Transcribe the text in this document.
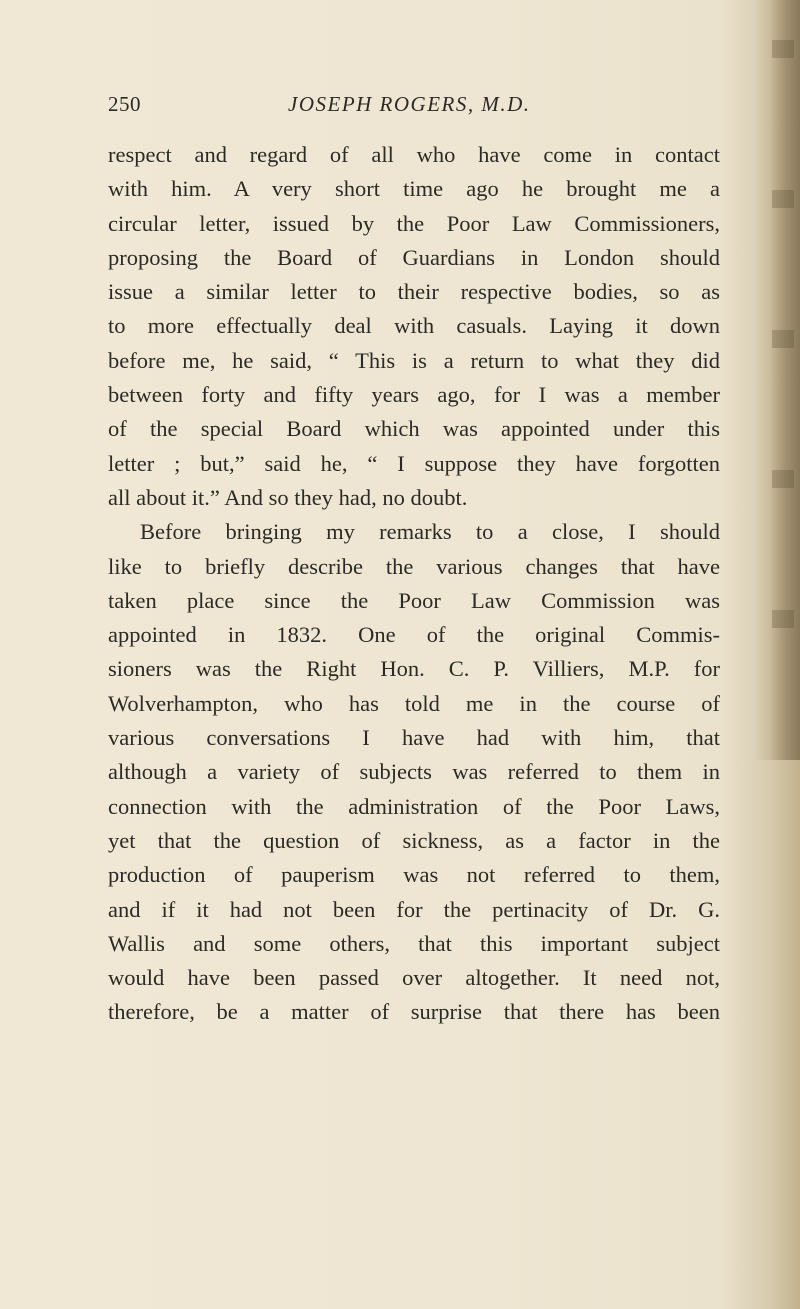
250	JOSEPH ROGERS, M.D.
respect and regard of all who have come in contact
with him. A very short time ago he brought me a
circular letter, issued by the Poor Law Commissioners,
proposing the Board of Guardians in London should
issue a similar letter to their respective bodies, so as
to more effectually deal with casuals. Laying it down
before me, he said, “ This is a return to what they did
between forty and fifty years ago, for I was a member
of the special Board which was appointed under this
letter ; but,” said he, “ I suppose they have forgotten
all about it.” And so they had, no doubt.
Before bringing my remarks to a close, I should
like to briefly describe the various changes that have
taken place since the Poor Law Commission was
appointed in 1832. One of the original Commis-
sioners was the Right Hon. C. P. Villiers, M.P. for
Wolverhampton, who has told me in the course of
various conversations I have had with him, that
although a variety of subjects was referred to them in
connection with the administration of the Poor Laws,
yet that the question of sickness, as a factor in the
production of pauperism was not referred to them,
and if it had not been for the pertinacity of Dr. G.
Wallis and some others, that this important subject
would have been passed over altogether. It need not,
therefore, be a matter of surprise that there has been
